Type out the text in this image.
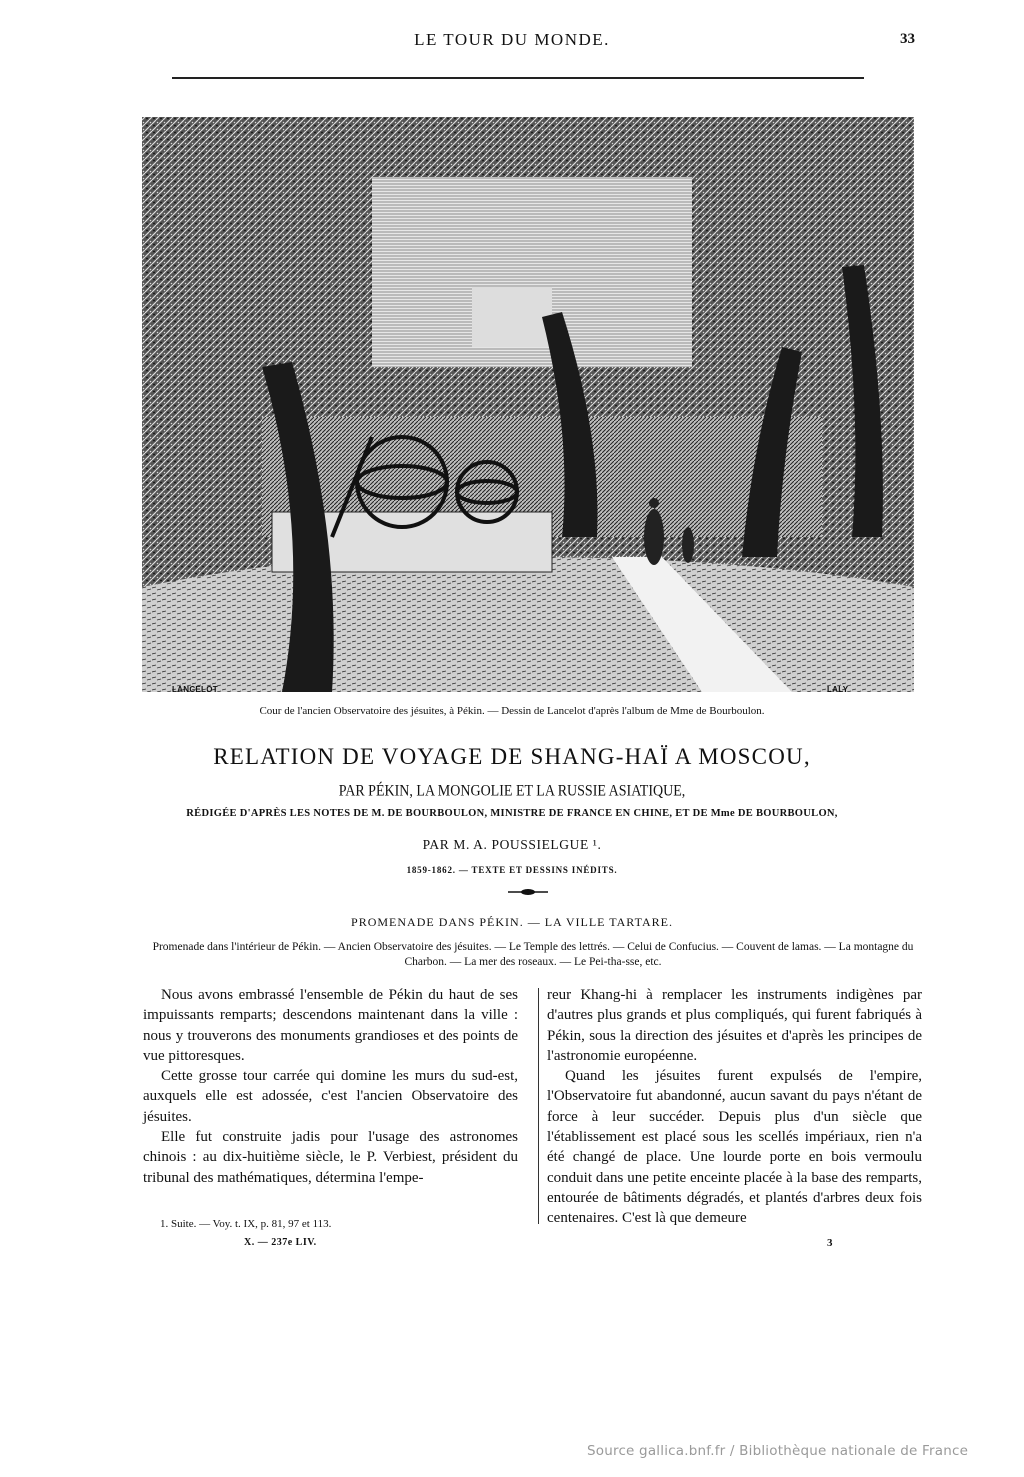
LE TOUR DU MONDE.	33
LANCELOT	LALY
Cour de l'ancien Observatoire des jésuites, à Pékin. — Dessin de Lancelot d'après l'album de Mme de Bourboulon.
RELATION DE VOYAGE DE SHANG-HAÏ A MOSCOU,
PAR PÉKIN, LA MONGOLIE ET LA RUSSIE ASIATIQUE,
RÉDIGÉE D'APRÈS LES NOTES DE M. DE BOURBOULON, MINISTRE DE FRANCE EN CHINE, ET DE Mme DE BOURBOULON,
PAR M. A. POUSSIELGUE ¹.
1859-1862. — TEXTE ET DESSINS INÉDITS.
PROMENADE DANS PÉKIN. — LA VILLE TARTARE.
Promenade dans l'intérieur de Pékin. — Ancien Observatoire des jésuites. — Le Temple des lettrés. — Celui de Confucius. — Couvent de lamas. — La montagne du Charbon. — La mer des roseaux. — Le Pei-tha-sse, etc.

Nous avons embrassé l'ensemble de Pékin du haut de ses impuissants remparts; descendons maintenant dans la ville : nous y trouverons des monuments grandioses et des points de vue pittoresques.

Cette grosse tour carrée qui domine les murs du sud-est, auxquels elle est adossée, c'est l'ancien Observatoire des jésuites.

Elle fut construite jadis pour l'usage des astronomes chinois : au dix-huitième siècle, le P. Verbiest, président du tribunal des mathématiques, détermina l'empe-

reur Khang-hi à remplacer les instruments indigènes par d'autres plus grands et plus compliqués, qui furent fabriqués à Pékin, sous la direction des jésuites et d'après les principes de l'astronomie européenne.

Quand les jésuites furent expulsés de l'empire, l'Observatoire fut abandonné, aucun savant du pays n'étant de force à leur succéder. Depuis plus d'un siècle que l'établissement est placé sous les scellés impériaux, rien n'a été changé de place. Une lourde porte en bois vermoulu conduit dans une petite enceinte placée à la base des remparts, entourée de bâtiments dégradés, et plantés d'arbres deux fois centenaires. C'est là que demeure

1. Suite. — Voy. t. IX, p. 81, 97 et 113.
X. — 237e LIV.	3
Source gallica.bnf.fr / Bibliothèque nationale de France
